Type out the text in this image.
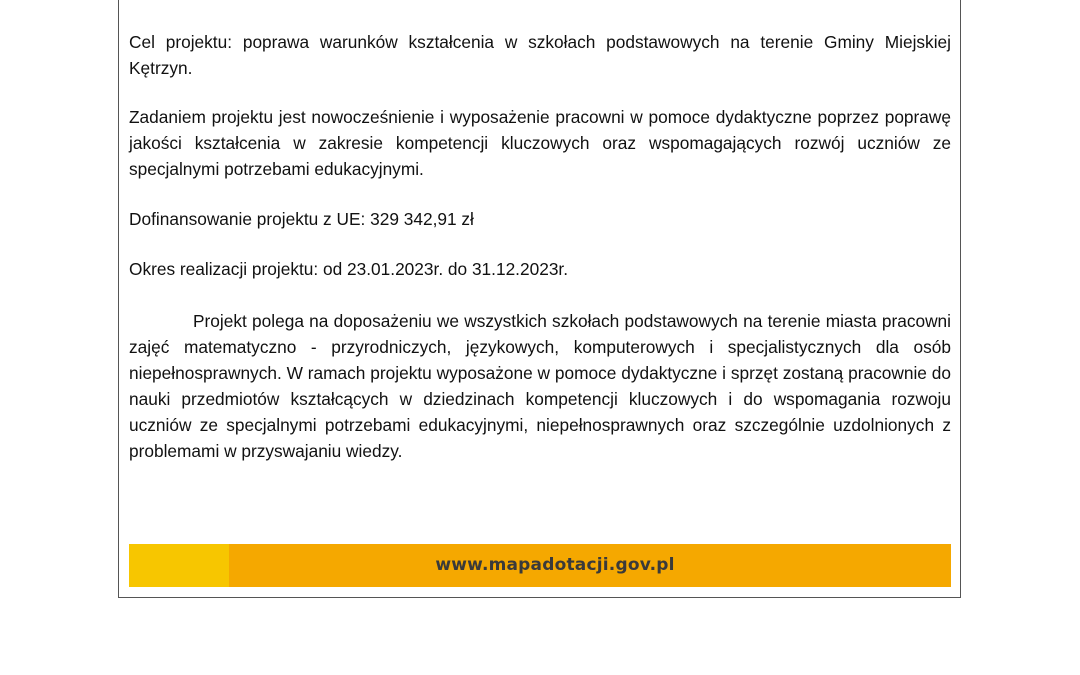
Cel projektu: poprawa warunków kształcenia w szkołach podstawowych na terenie Gminy Miejskiej Kętrzyn.

Zadaniem projektu jest nowocześnienie i wyposażenie pracowni w pomoce dydaktyczne poprzez poprawę jakości kształcenia w zakresie kompetencji kluczowych oraz wspomagających rozwój uczniów ze specjalnymi potrzebami edukacyjnymi.

Dofinansowanie projektu z UE: 329 342,91 zł

Okres realizacji projektu: od 23.01.2023r. do 31.12.2023r.

Projekt polega na doposażeniu we wszystkich szkołach podstawowych na terenie miasta pracowni zajęć matematyczno - przyrodniczych, językowych, komputerowych i specjalistycznych dla osób niepełnosprawnych. W ramach projektu wyposażone w pomoce dydaktyczne i sprzęt zostaną pracownie do nauki przedmiotów kształcących w dziedzinach kompetencji kluczowych i do wspomagania rozwoju uczniów ze specjalnymi potrzebami edukacyjnymi, niepełnosprawnych oraz szczególnie uzdolnionych z problemami w przyswajaniu wiedzy.

www.mapadotacji.gov.pl
